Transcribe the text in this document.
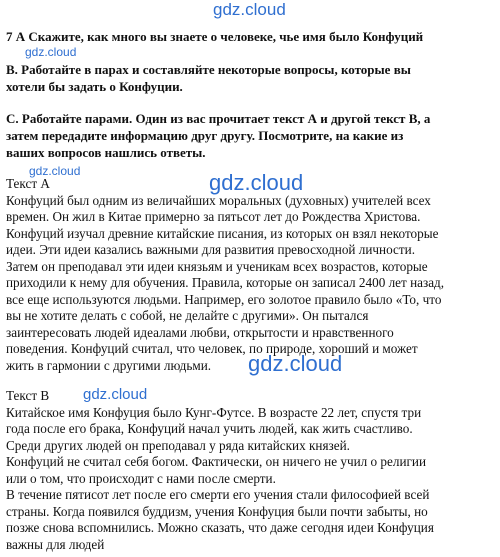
gdz.cloud
gdz.cloud
gdz.cloud	gdz.cloud
gdz.cloud
gdz.cloud
7 А Скажите, как много вы знаете о человеке, чье имя было Конфуций
В. Работайте в парах и составляйте некоторые вопросы, которые вы
хотели бы задать о Конфуции.
С. Работайте парами. Один из вас прочитает текст А и другой текст В, а
затем передадите информацию друг другу. Посмотрите, на какие из
ваших вопросов нашлись ответы.
Текст А
Конфуций был одним из величайших моральных (духовных) учителей всех
времен. Он жил в Китае примерно за пятьсот лет до Рождества Христова.
Конфуций изучал древние китайские писания, из которых он взял некоторые
идеи. Эти идеи казались важными для развития превосходной личности.
Затем он преподавал эти идеи князьям и ученикам всех возрастов, которые
приходили к нему для обучения. Правила, которые он записал 2400 лет назад,
все еще используются людьми. Например, его золотое правило было «То, что
вы не хотите делать с собой, не делайте с другими». Он пытался
заинтересовать людей идеалами любви, открытости и нравственного
поведения. Конфуций считал, что человек, по природе, хороший и может
жить в гармонии с другими людьми.
Текст В
Китайское имя Конфуция было Кунг-Футсе. В возрасте 22 лет, спустя три
года после его брака, Конфуций начал учить людей, как жить счастливо.
Среди других людей он преподавал у ряда китайских князей.
Конфуций не считал себя богом. Фактически, он ничего не учил о религии
или о том, что происходит с нами после смерти.
В течение пятисот лет после его смерти его учения стали философией всей
страны. Когда появился буддизм, учения Конфуция были почти забыты, но
позже снова вспомнились. Можно сказать, что даже сегодня идеи Конфуция
важны для людей
